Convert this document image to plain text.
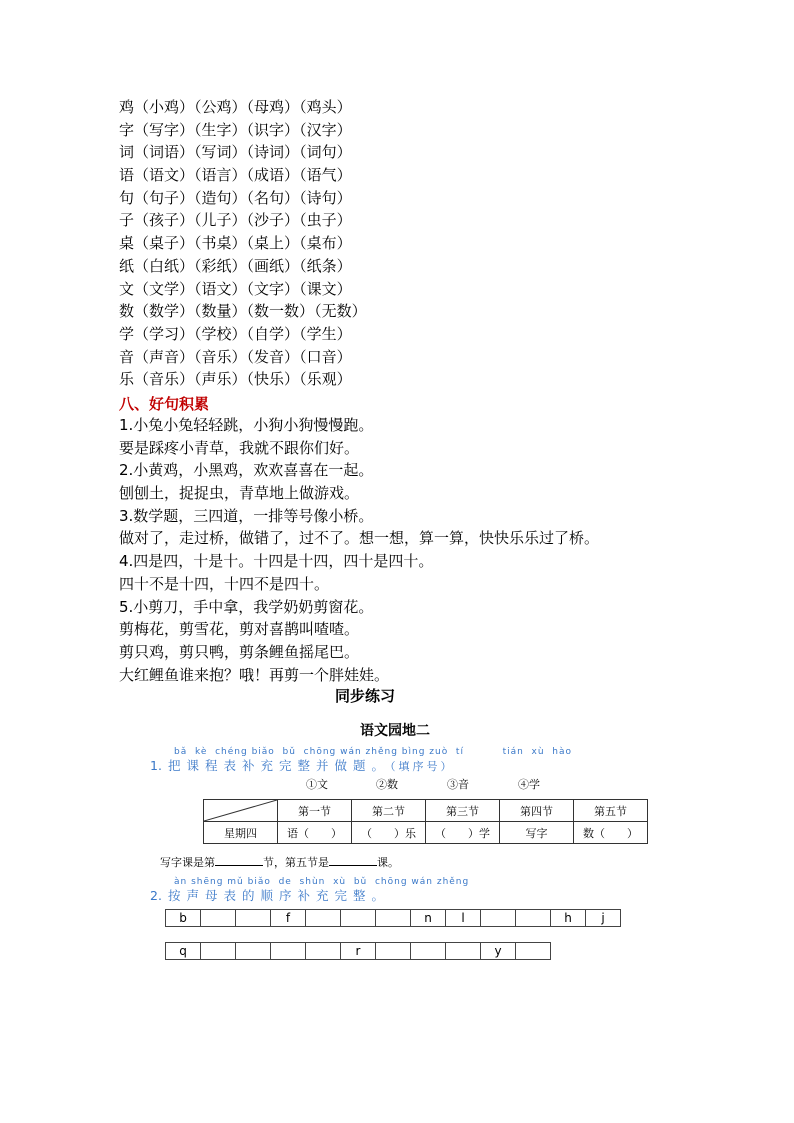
鸡（小鸡）（公鸡）（母鸡）（鸡头）
字（写字）（生字）（识字）（汉字）
词（词语）（写词）（诗词）（词句）
语（语文）（语言）（成语）（语气）
句（句子）（造句）（名句）（诗句）
子（孩子）（儿子）（沙子）（虫子）
桌（桌子）（书桌）（桌上）（桌布）
纸（白纸）（彩纸）（画纸）（纸条）
文（文学）（语文）（文字）（课文）
数（数学）（数量）（数一数）（无数）
学（学习）（学校）（自学）（学生）
音（声音）（音乐）（发音）（口音）
乐（音乐）（声乐）（快乐）（乐观）
八、好句积累
1.小兔小兔轻轻跳，小狗小狗慢慢跑。
要是踩疼小青草，我就不跟你们好。
2.小黄鸡，小黑鸡，欢欢喜喜在一起。
刨刨土，捉捉虫，青草地上做游戏。
3.数学题，三四道，一排等号像小桥。
做对了，走过桥，做错了，过不了。想一想，算一算，快快乐乐过了桥。
4.四是四，十是十。十四是十四，四十是四十。
四十不是十四，十四不是四十。
5.小剪刀，手中拿，我学奶奶剪窗花。
剪梅花，剪雪花，剪对喜鹊叫喳喳。
剪只鸡，剪只鸭，剪条鲤鱼摇尾巴。
大红鲤鱼谁来抱？哦！再剪一个胖娃娃。
同步练习
语文园地二
bǎ  kè  chéng biǎo  bǔ  chōng wán zhěng bìng zuò  tí          tián  xù  hào
1. 把课程表补充完整并做题。（填序号）
①文	②数	③音	④学
	第一节	第二节	第三节	第四节	第五节
星期四	语（　　）	（　　）乐	（　　）学	写字	数（　　）
写字课是第	节，第五节是	课。
àn shēng mǔ biǎo  de  shùn  xù  bǔ  chōng wán zhěng
2. 按声母表的顺序补充完整。
b			f				n	l			h	j
q					r				y	
